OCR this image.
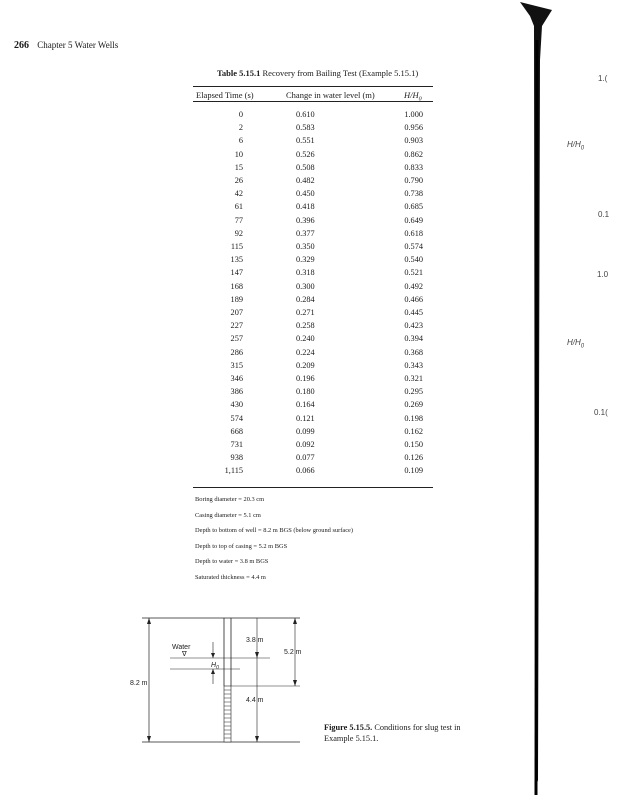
266 Chapter 5 Water Wells
Table 5.15.1 Recovery from Bailing Test (Example 5.15.1)
Elapsed Time (s)	Change in water level (m)	$H/H_0$
0	0.610	1.000
2	0.583	0.956
6	0.551	0.903
10	0.526	0.862
15	0.508	0.833
26	0.482	0.790
42	0.450	0.738
61	0.418	0.685
77	0.396	0.649
92	0.377	0.618
115	0.350	0.574
135	0.329	0.540
147	0.318	0.521
168	0.300	0.492
189	0.284	0.466
207	0.271	0.445
227	0.258	0.423
257	0.240	0.394
286	0.224	0.368
315	0.209	0.343
346	0.196	0.321
386	0.180	0.295
430	0.164	0.269
574	0.121	0.198
668	0.099	0.162
731	0.092	0.150
938	0.077	0.126
1,115	0.066	0.109
Boring diameter = 20.3 cm
Casing diameter = 5.1 cm
Depth to bottom of well = 8.2 m BGS (below ground surface)
Depth to top of casing = 5.2 m BGS
Depth to water = 3.8 m BGS
Saturated thickness = 4.4 m
8.2 m
Water
∇
$H_0$
3.8 m
5.2 m
4.4 m
Figure 5.15.5. Conditions for slug test in Example 5.15.1.
1.(
$H/H_0$
0.1
1.0
$H/H_0$
0.1(
